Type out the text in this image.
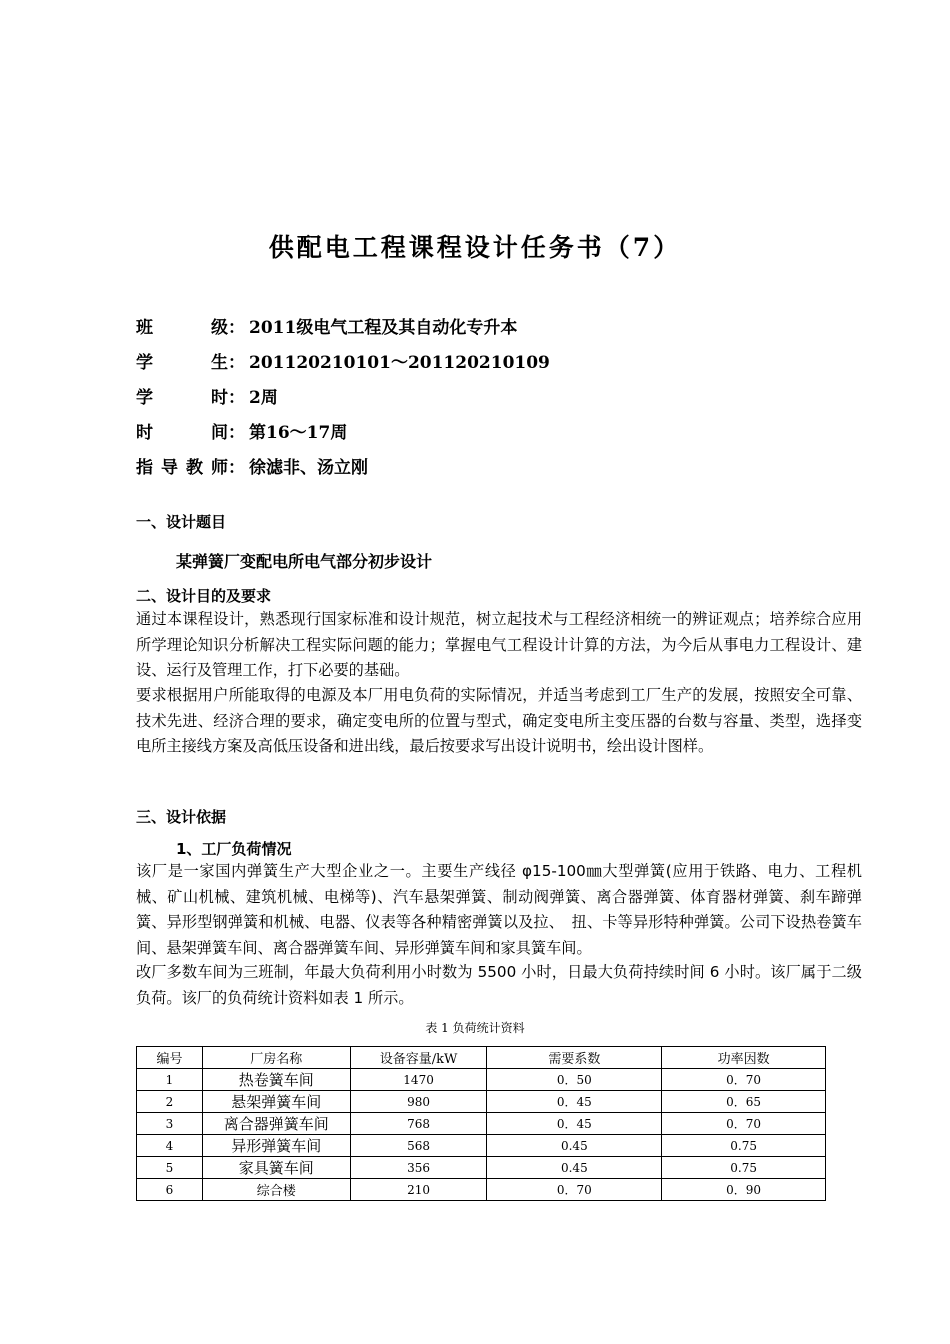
供配电工程课程设计任务书（7）
班级： 2011级电气工程及其自动化专升本
学生： 201120210101～201120210109
学时： 2周
时间： 第16～17周
指导教师： 徐滤非、汤立刚
一、设计题目
某弹簧厂变配电所电气部分初步设计
二、设计目的及要求

通过本课程设计，熟悉现行国家标准和设计规范，树立起技术与工程经济相统一的辨证观点；培养综合应用所学理论知识分析解决工程实际问题的能力；掌握电气工程设计计算的方法，为今后从事电力工程设计、建设、运行及管理工作，打下必要的基础。

要求根据用户所能取得的电源及本厂用电负荷的实际情况，并适当考虑到工厂生产的发展，按照安全可靠、技术先进、经济合理的要求，确定变电所的位置与型式，确定变电所主变压器的台数与容量、类型，选择变电所主接线方案及高低压设备和进出线，最后按要求写出设计说明书，绘出设计图样。

三、设计依据
1、工厂负荷情况

该厂是一家国内弹簧生产大型企业之一。主要生产线径 φ15-100㎜大型弹簧(应用于铁路、电力、工程机械、矿山机械、建筑机械、电梯等)、汽车悬架弹簧、制动阀弹簧、离合器弹簧、体育器材弹簧、刹车蹄弹簧、异形型钢弹簧和机械、电器、仪表等各种精密弹簧以及拉、　扭、卡等异形特种弹簧。公司下设热卷簧车间、悬架弹簧车间、离合器弹簧车间、异形弹簧车间和家具簧车间。

改厂多数车间为三班制，年最大负荷利用小时数为 5500 小时，日最大负荷持续时间 6 小时。该厂属于二级负荷。该厂的负荷统计资料如表 1 所示。

表 1 负荷统计资料
编号	厂房名称	设备容量/kW	需要系数	功率因数
1	热卷簧车间	1470	0．50	0．70
2	悬架弹簧车间	980	0．45	0．65
3	离合器弹簧车间	768	0．45	0．70
4	异形弹簧车间	568	0.45	0.75
5	家具簧车间	356	0.45	0.75
6	综合楼	210	0．70	0．90
